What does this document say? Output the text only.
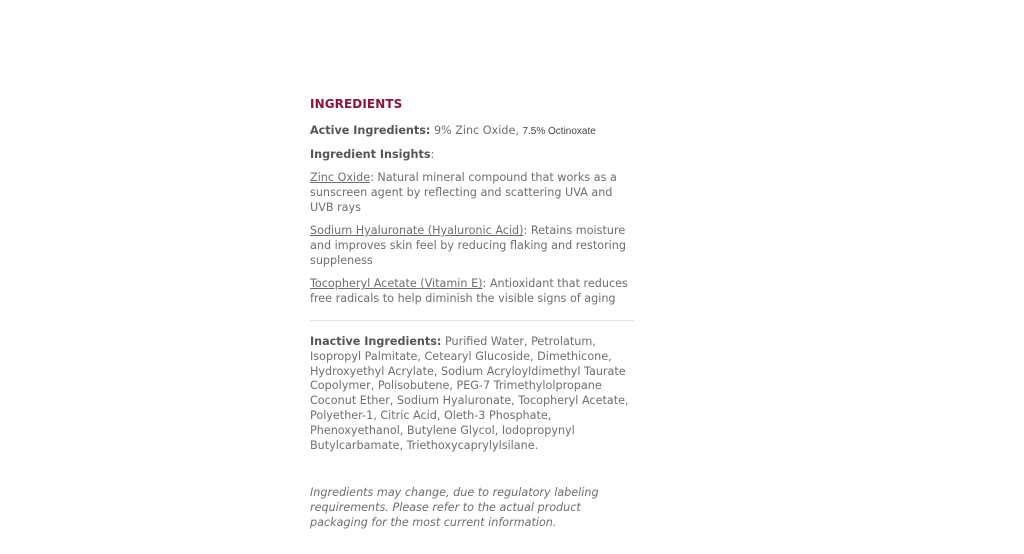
INGREDIENTS
Active Ingredients: 9% Zinc Oxide, 7.5% Octinoxate
Ingredient Insights:
Zinc Oxide: Natural mineral compound that works as a sunscreen agent by reflecting and scattering UVA and UVB rays
Sodium Hyaluronate (Hyaluronic Acid): Retains moisture and improves skin feel by reducing flaking and restoring suppleness
Tocopheryl Acetate (Vitamin E): Antioxidant that reduces free radicals to help diminish the visible signs of aging

Inactive Ingredients: Purified Water, Petrolatum, Isopropyl Palmitate, Cetearyl Glucoside, Dimethicone, Hydroxyethyl Acrylate, Sodium Acryloyldimethyl Taurate Copolymer, Polisobutene, PEG-7 Trimethylolpropane Coconut Ether, Sodium Hyaluronate, Tocopheryl Acetate, Polyether-1, Citric Acid, Oleth-3 Phosphate, Phenoxyethanol, Butylene Glycol, Iodopropynyl Butylcarbamate, Triethoxycaprylylsilane.

Ingredients may change, due to regulatory labeling requirements. Please refer to the actual product packaging for the most current information.
